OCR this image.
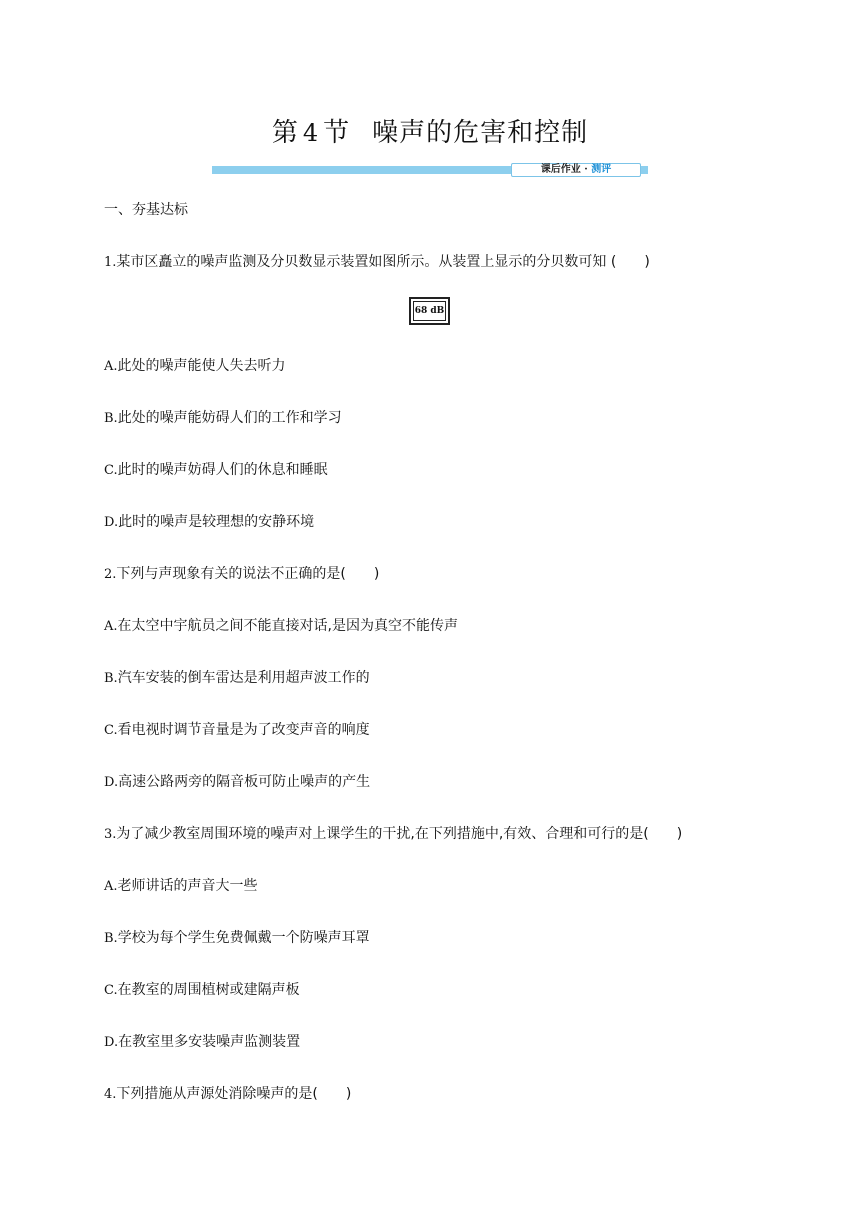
第 4 节 噪声的危害和控制
课后作业 · 测评
一、夯基达标
1.某市区矗立的噪声监测及分贝数显示装置如图所示。从装置上显示的分贝数可知 (　　)
68 dB
A.此处的噪声能使人失去听力
B.此处的噪声能妨碍人们的工作和学习
C.此时的噪声妨碍人们的休息和睡眠
D.此时的噪声是较理想的安静环境
2.下列与声现象有关的说法不正确的是(　　)
A.在太空中宇航员之间不能直接对话,是因为真空不能传声
B.汽车安装的倒车雷达是利用超声波工作的
C.看电视时调节音量是为了改变声音的响度
D.高速公路两旁的隔音板可防止噪声的产生
3.为了减少教室周围环境的噪声对上课学生的干扰,在下列措施中,有效、合理和可行的是(　　)
A.老师讲话的声音大一些
B.学校为每个学生免费佩戴一个防噪声耳罩
C.在教室的周围植树或建隔声板
D.在教室里多安装噪声监测装置
4.下列措施从声源处消除噪声的是(　　)
